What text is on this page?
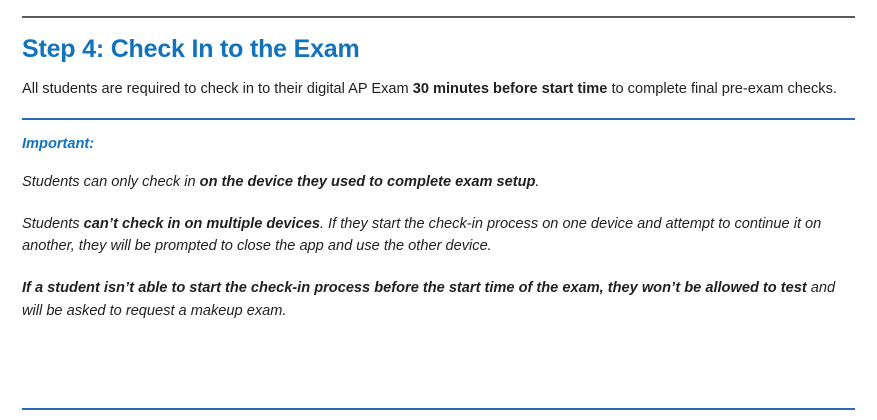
Step 4: Check In to the Exam

All students are required to check in to their digital AP Exam 30 minutes before start time to complete final pre-exam checks.

Important:

Students can only check in on the device they used to complete exam setup.

Students can’t check in on multiple devices. If they start the check-in process on one device and attempt to continue it on another, they will be prompted to close the app and use the other device.

If a student isn’t able to start the check-in process before the start time of the exam, they won’t be allowed to test and will be asked to request a makeup exam.
